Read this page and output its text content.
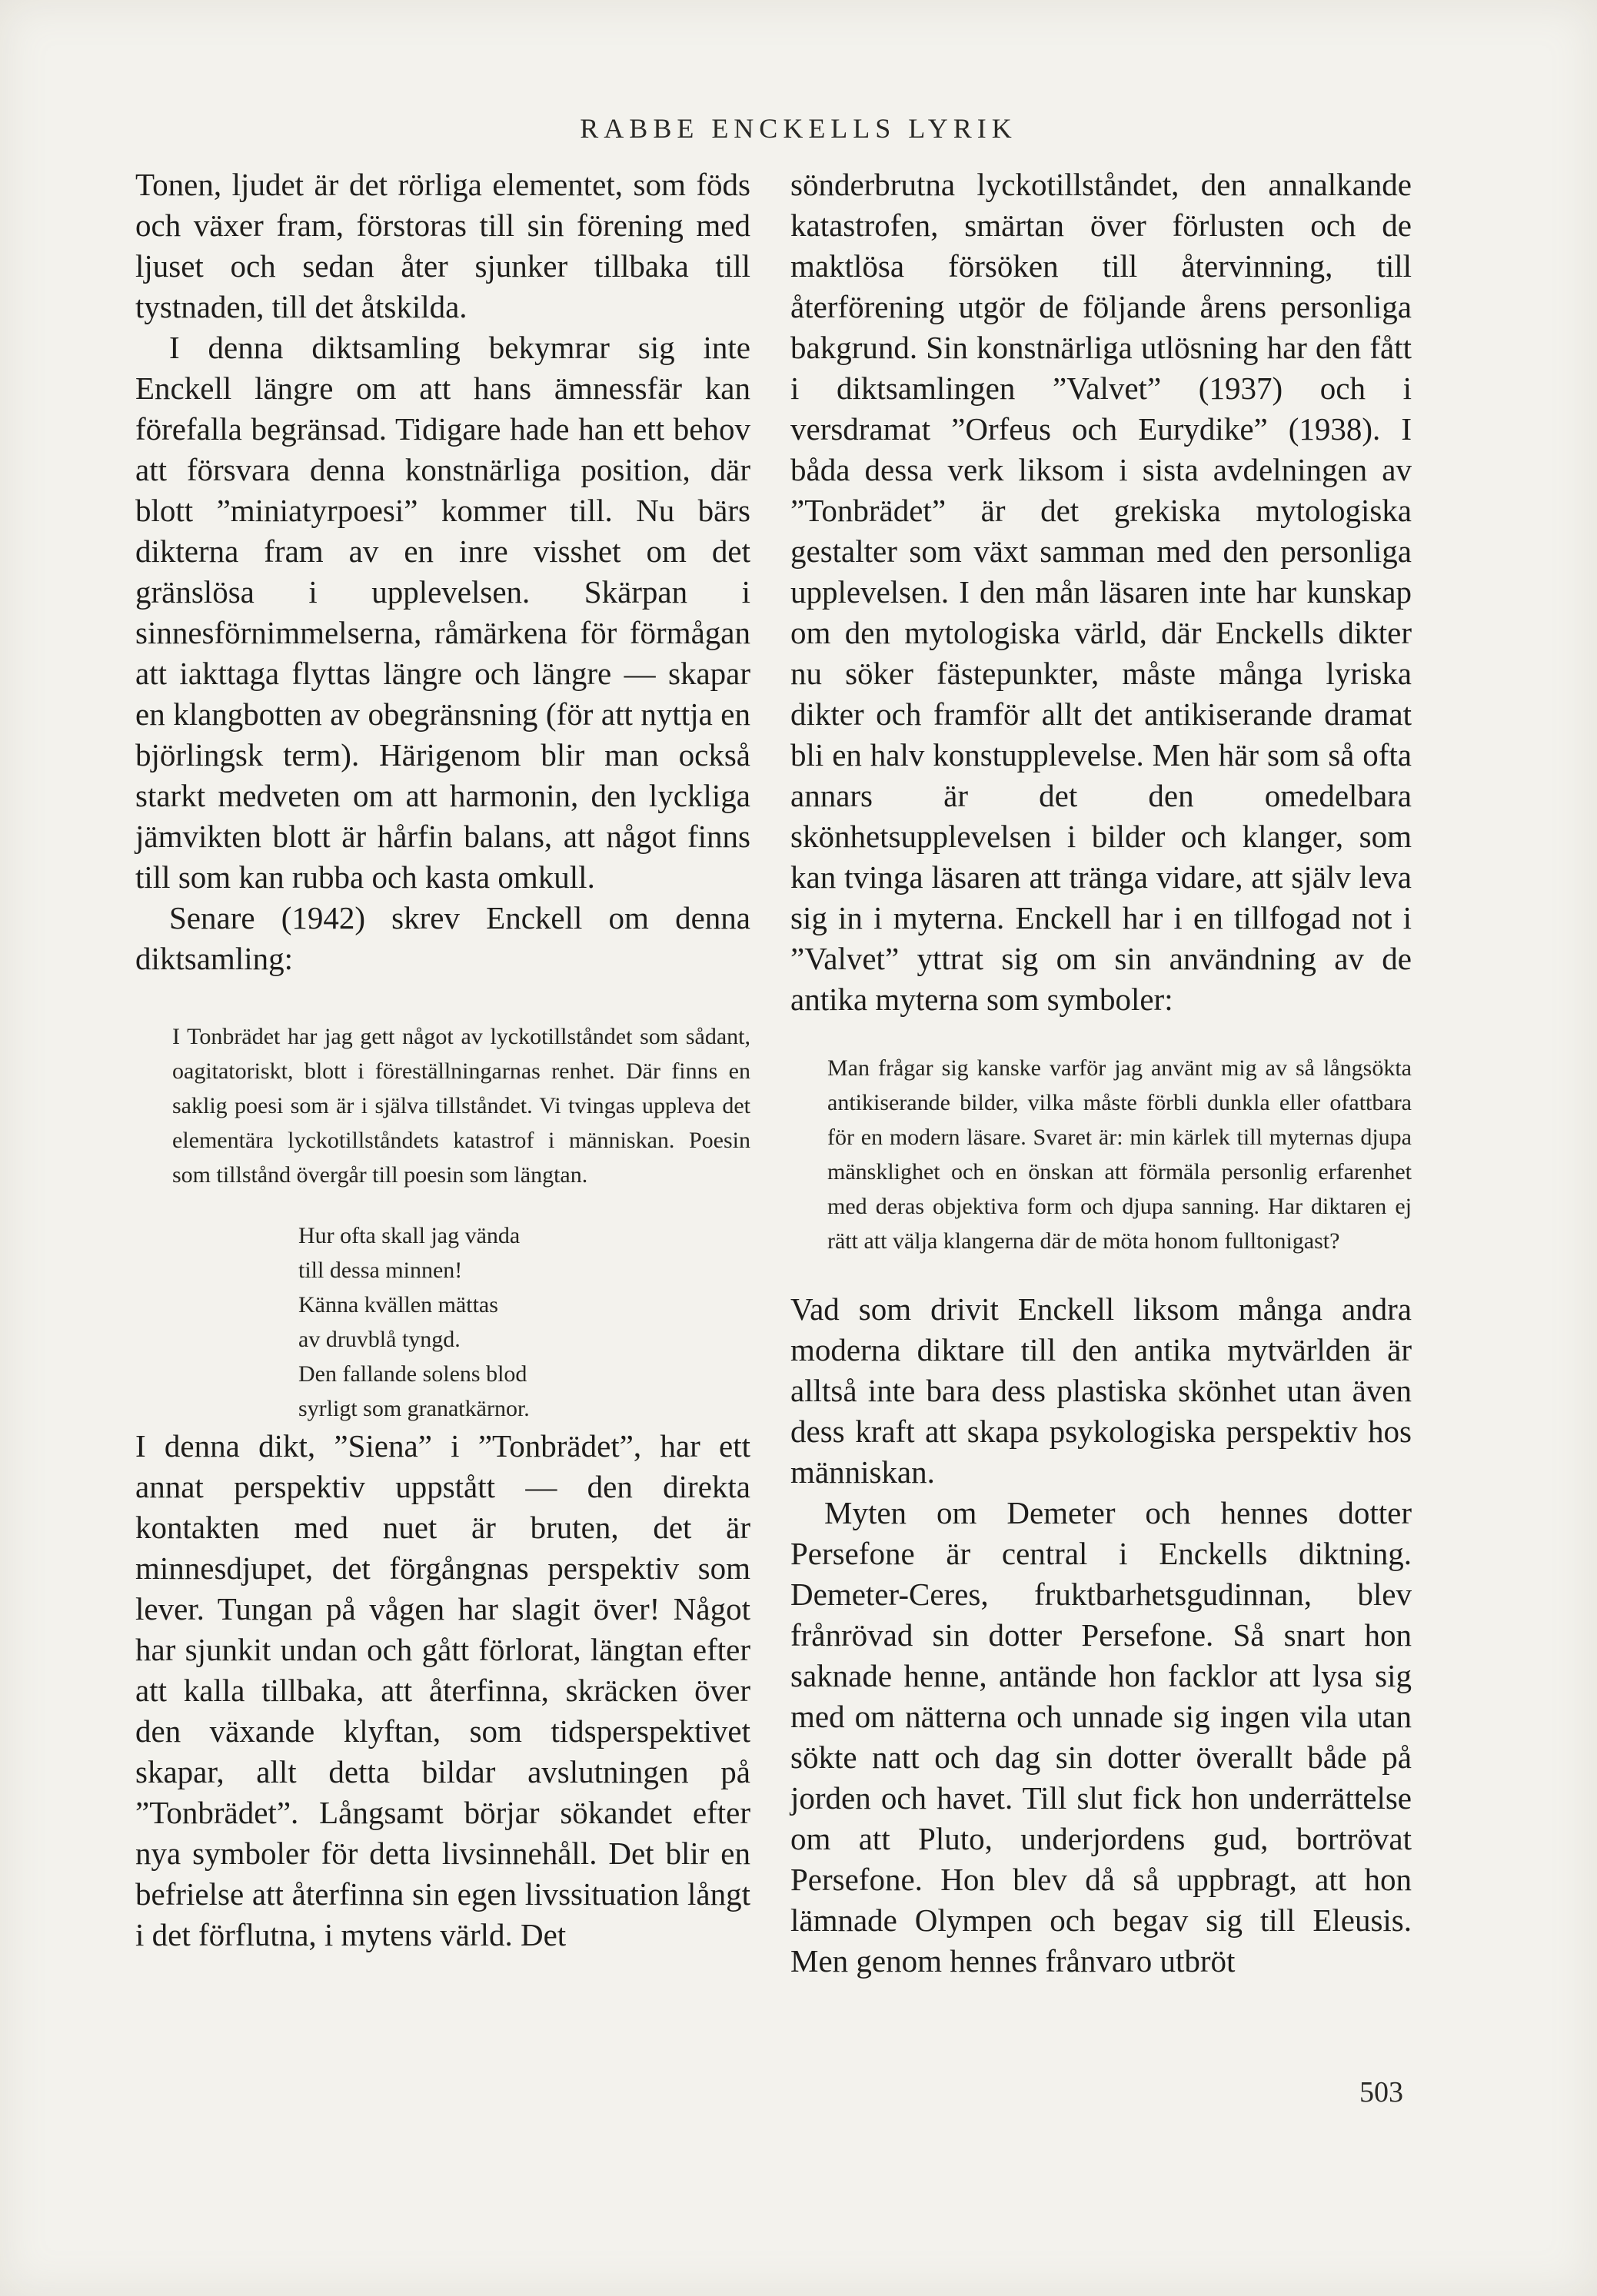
RABBE ENCKELLS LYRIK

Tonen, ljudet är det rörliga elementet, som föds och växer fram, förstoras till sin förening med ljuset och sedan åter sjunker tillbaka till tystnaden, till det åtskilda.

I denna diktsamling bekymrar sig inte Enckell längre om att hans ämnessfär kan förefalla begränsad. Tidigare hade han ett behov att försvara denna konstnärliga position, där blott ”miniatyrpoesi” kommer till. Nu bärs dikterna fram av en inre visshet om det gränslösa i upplevelsen. Skärpan i sinnesförnimmelserna, råmärkena för förmågan att iakttaga flyttas längre och längre — skapar en klangbotten av obegränsning (för att nyttja en björlingsk term). Härigenom blir man också starkt medveten om att harmonin, den lyckliga jämvikten blott är hårfin balans, att något finns till som kan rubba och kasta omkull.

Senare (1942) skrev Enckell om denna diktsamling:

I Tonbrädet har jag gett något av lyckotillståndet som sådant, oagitatoriskt, blott i föreställningarnas renhet. Där finns en saklig poesi som är i själva tillståndet. Vi tvingas uppleva det elementära lyckotillståndets katastrof i människan. Poesin som tillstånd övergår till poesin som längtan.
Hur ofta skall jag vända
till dessa minnen!
Känna kvällen mättas
av druvblå tyngd.
Den fallande solens blod
syrligt som granatkärnor.

I denna dikt, ”Siena” i ”Tonbrädet”, har ett annat perspektiv uppstått — den direkta kontakten med nuet är bruten, det är minnesdjupet, det förgångnas perspektiv som lever. Tungan på vågen har slagit över! Något har sjunkit undan och gått förlorat, längtan efter att kalla tillbaka, att återfinna, skräcken över den växande klyftan, som tidsperspektivet skapar, allt detta bildar avslutningen på ”Tonbrädet”. Långsamt börjar sökandet efter nya symboler för detta livsinnehåll. Det blir en befrielse att återfinna sin egen livssituation långt i det förflutna, i mytens värld. Det

sönderbrutna lyckotillståndet, den annalkande katastrofen, smärtan över förlusten och de maktlösa försöken till återvinning, till återförening utgör de följande årens personliga bakgrund. Sin konstnärliga utlösning har den fått i diktsamlingen ”Valvet” (1937) och i versdramat ”Orfeus och Eurydike” (1938). I båda dessa verk liksom i sista avdelningen av ”Tonbrädet” är det grekiska mytologiska gestalter som växt samman med den personliga upplevelsen. I den mån läsaren inte har kunskap om den mytologiska värld, där Enckells dikter nu söker fästepunkter, måste många lyriska dikter och framför allt det antikiserande dramat bli en halv konstupplevelse. Men här som så ofta annars är det den omedelbara skönhetsupplevelsen i bilder och klanger, som kan tvinga läsaren att tränga vidare, att själv leva sig in i myterna. Enckell har i en tillfogad not i ”Valvet” yttrat sig om sin användning av de antika myterna som symboler:

Man frågar sig kanske varför jag använt mig av så långsökta antikiserande bilder, vilka måste förbli dunkla eller ofattbara för en modern läsare. Svaret är: min kärlek till myternas djupa mänsklighet och en önskan att förmäla personlig erfarenhet med deras objektiva form och djupa sanning. Har diktaren ej rätt att välja klangerna där de möta honom fulltonigast?

Vad som drivit Enckell liksom många andra moderna diktare till den antika mytvärlden är alltså inte bara dess plastiska skönhet utan även dess kraft att skapa psykologiska perspektiv hos människan.

Myten om Demeter och hennes dotter Persefone är central i Enckells diktning. Demeter-Ceres, fruktbarhetsgudinnan, blev frånrövad sin dotter Persefone. Så snart hon saknade henne, antände hon facklor att lysa sig med om nätterna och unnade sig ingen vila utan sökte natt och dag sin dotter överallt både på jorden och havet. Till slut fick hon underrättelse om att Pluto, underjordens gud, bortrövat Persefone. Hon blev då så uppbragt, att hon lämnade Olympen och begav sig till Eleusis. Men genom hennes frånvaro utbröt

503
